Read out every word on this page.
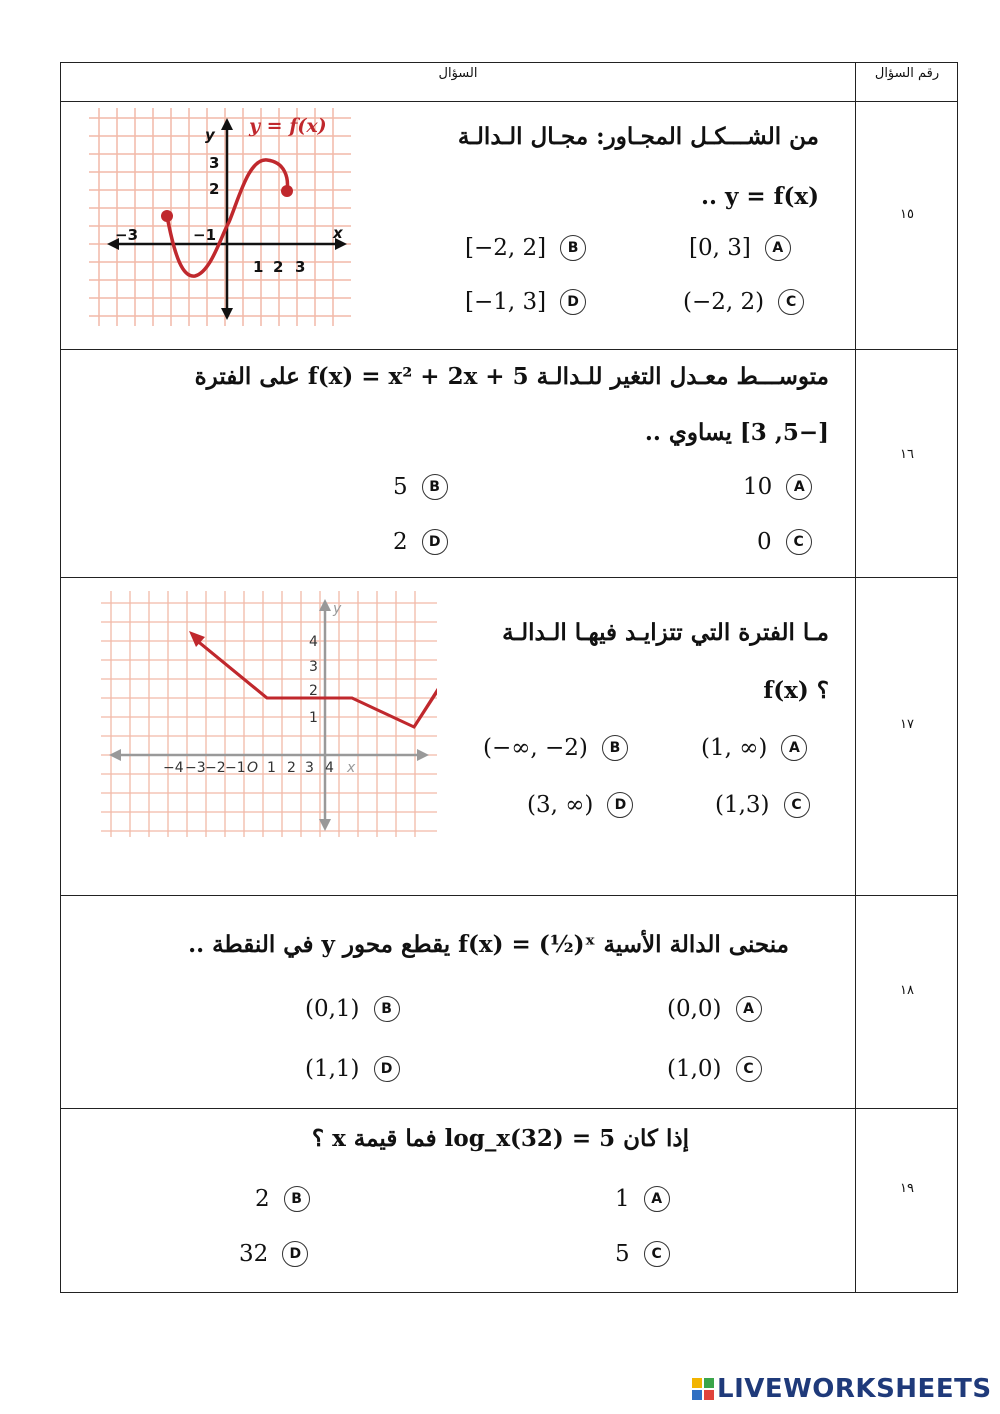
السؤال	رقم السؤال
١٥
−3	−1
1 2 3
3
2
y
x
y = f(x)	من الشـــكـل المجـاور: مجـال الـدالـة
.. y = f(x)
[0, 3] A
[−2, 2] B
(−2, 2) C
[−1, 3] D
١٦
متوســـط معـدل التغير للـدالـة f(x) = x² + 2x + 5 على الفترة
[−5, 3] يساوي ..
10 A
5 B
0 C
2 D
١٧
−4 −3 −2 −1 O 1 2 3 4
4
3
2
1
y
x
مـا الفترة التي تتزايـد فيهـا الـدالـة
؟ f(x)
(1, ∞) A
(−∞, −2) B
(1,3) C
(3, ∞) D
١٨
منحنى الدالة الأسية f(x) = (½)ˣ يقطع محور y في النقطة ..
(0,0) A
(0,1) B
(1,0) C
(1,1) D
١٩
إذا كان log_x(32) = 5 فما قيمة x ؟
1 A
2 B
5 C
32 D
LIVEWORKSHEETS
